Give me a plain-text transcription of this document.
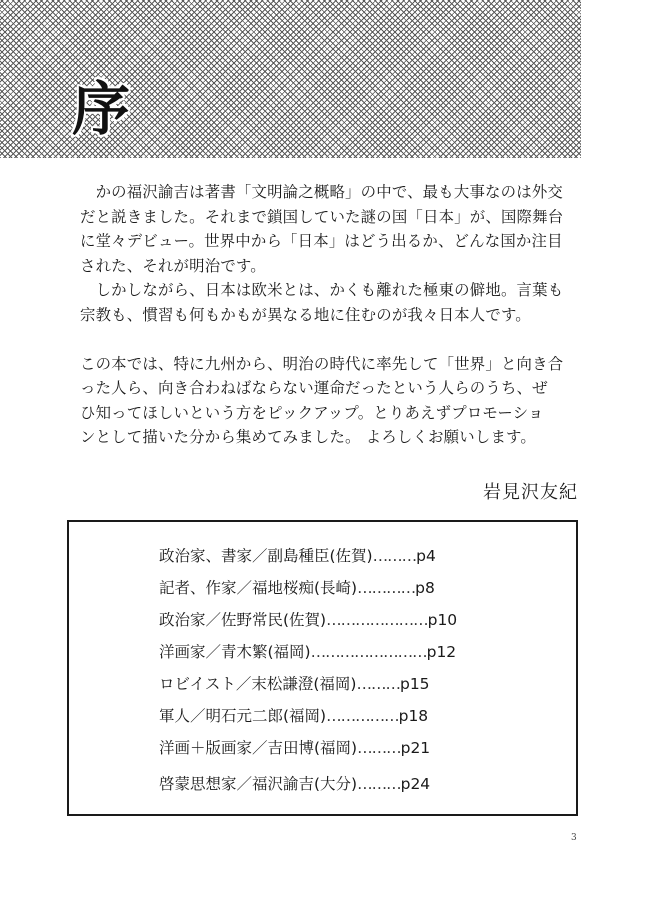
序

　かの福沢諭吉は著書「文明論之概略」の中で、最も大事なのは外交
だと説きました。それまで鎖国していた謎の国「日本」が、国際舞台
に堂々デビュー。世界中から「日本」はどう出るか、どんな国か注目
された、それが明治です。
　しかしながら、日本は欧米とは、かくも離れた極東の僻地。言葉も
宗教も、慣習も何もかもが異なる地に住むのが我々日本人です。

この本では、特に九州から、明治の時代に率先して「世界」と向き合
った人ら、向き合わねばならない運命だったという人らのうち、ぜ
ひ知ってほしいという方をピックアップ。とりあえずプロモーショ
ンとして描いた分から集めてみました。 よろしくお願いします。

岩見沢友紀
政治家、書家／副島種臣(佐賀) ……… p4
記者、作家／福地桜痴(長崎) ………… p8
政治家／佐野常民(佐賀) ………………… p10
洋画家／青木繁(福岡) …………………… p12
ロビイスト／末松謙澄(福岡) ……… p15
軍人／明石元二郎(福岡) …………… p18
洋画＋版画家／吉田博(福岡) ……… p21
啓蒙思想家／福沢諭吉(大分) ……… p24
3
